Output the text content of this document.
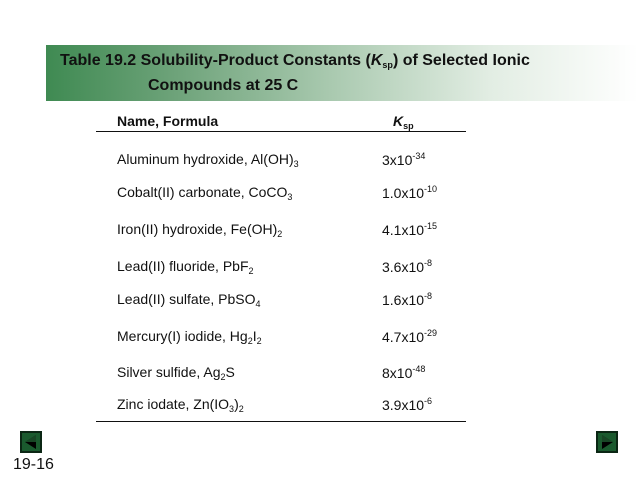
Table 19.2 Solubility-Product Constants $(K_{sp})$ of Selected Ionic
Compounds at 25 C
Name, Formula	$K_{sp}$
Aluminum hydroxide, $Al(OH)_3$	$3x10^{-34}$
Cobalt(II) carbonate, CoCO$_3$	$1.0x10^{-10}$
Iron(II) hydroxide, $Fe(OH)_2$	$4.1x10^{-15}$
Lead(II) fluoride, PbF$_2$	$3.6x10^{-8}$
Lead(II) sulfate, PbSO$_4$	$1.6x10^{-8}$
Mercury(I) iodide, $Hg_2I_2$	$4.7x10^{-29}$
Silver sulfide, $Ag_2S$	$8x10^{-48}$
Zinc iodate, $Zn(IO_3)_2$	$3.9x10^{-6}$
19-16
